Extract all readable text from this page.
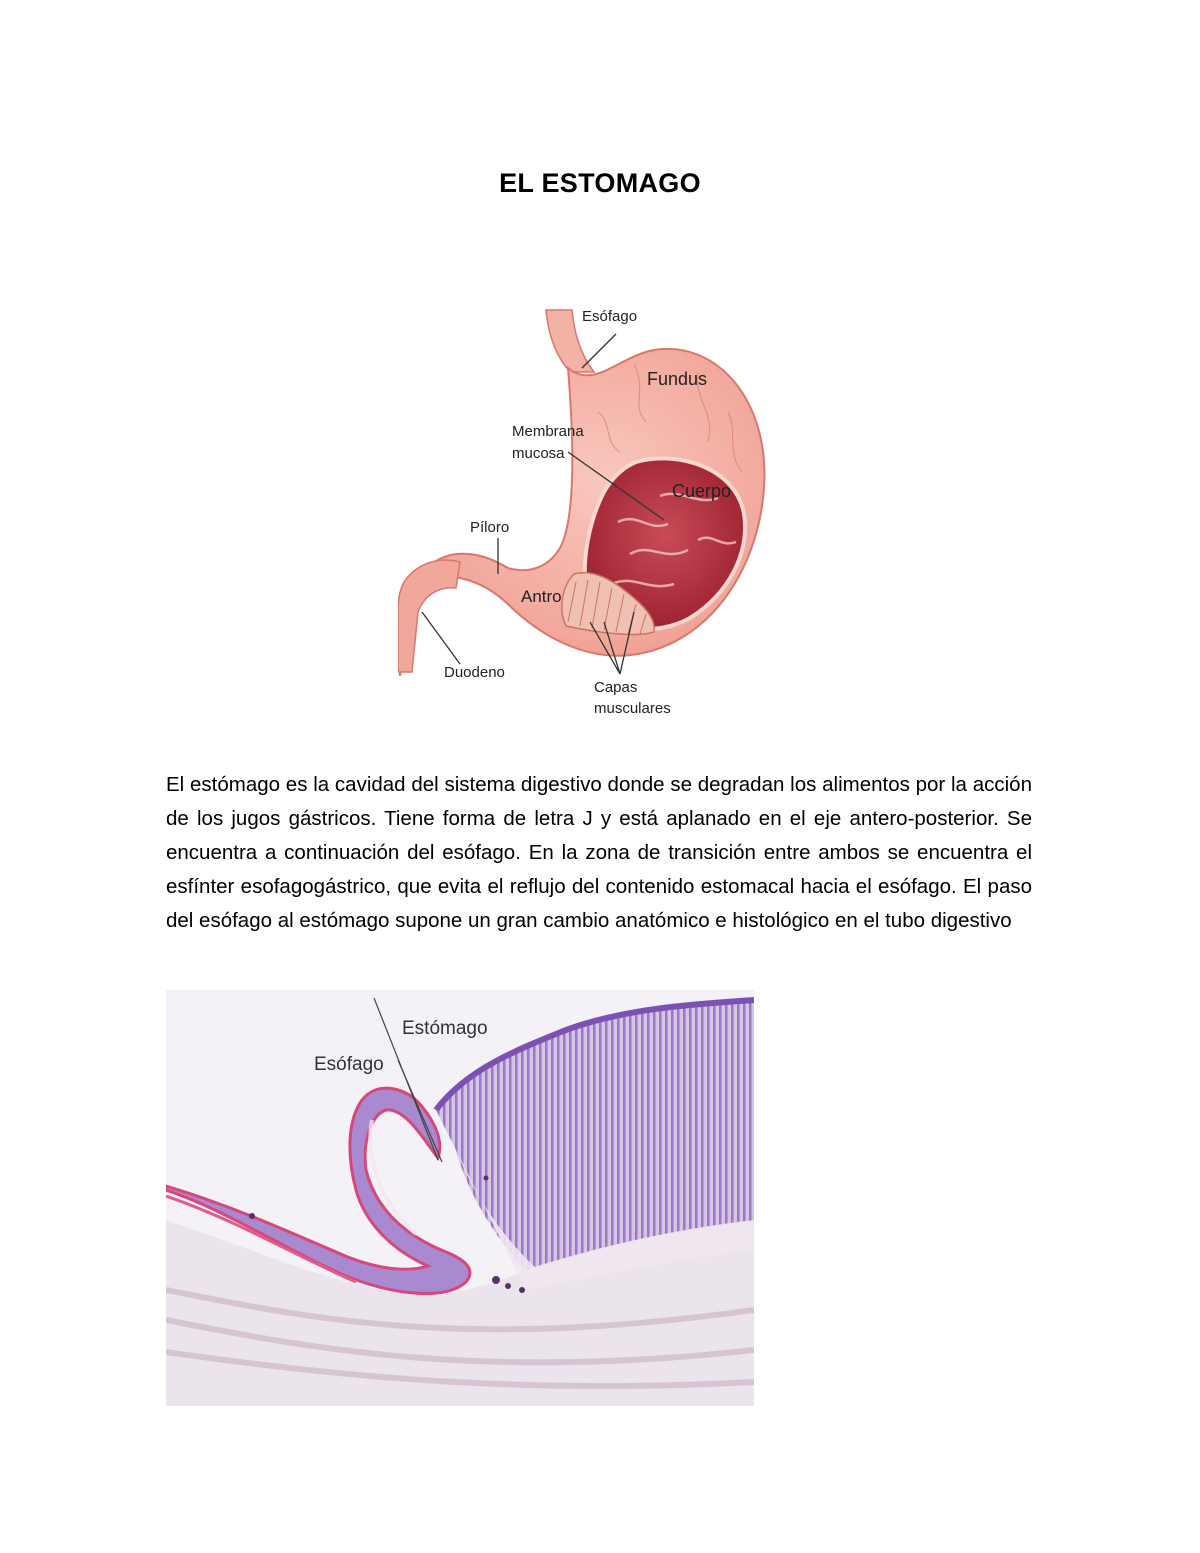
EL ESTOMAGO
Esófago
Fundus
Membrana
mucosa
Cuerpo
Píloro
Antro
Duodeno
Capas
musculares

El estómago es la cavidad del sistema digestivo donde se degradan los alimentos por la acción de los jugos gástricos. Tiene forma de letra J y está aplanado en el eje antero-posterior. Se encuentra a continuación del esófago. En la zona de transición entre ambos se encuentra el esfínter esofagogástrico, que evita el reflujo del contenido estomacal hacia el esófago. El paso del esófago al estómago supone un gran cambio anatómico e histológico en el tubo digestivo

Estómago
Esófago
